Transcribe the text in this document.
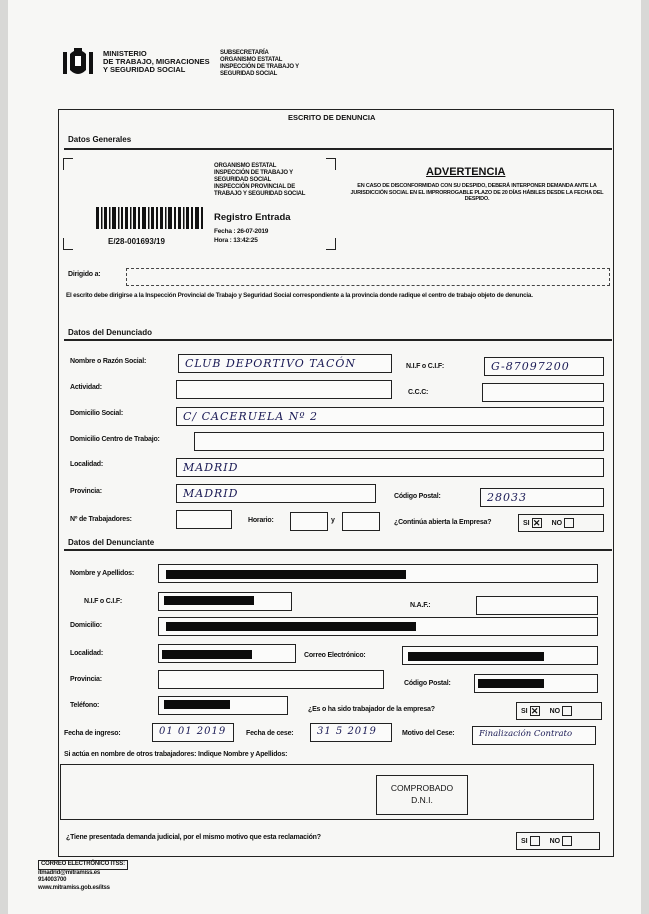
MINISTERIO
DE TRABAJO, MIGRACIONES
Y SEGURIDAD SOCIAL
SUBSECRETARÍA
ORGANISMO ESTATAL
INSPECCIÓN DE TRABAJO Y
SEGURIDAD SOCIAL
ESCRITO DE DENUNCIA
Datos Generales
ORGANISMO ESTATAL
INSPECCIÓN DE TRABAJO Y
SEGURIDAD SOCIAL
INSPECCIÓN PROVINCIAL DE
TRABAJO Y SEGURIDAD SOCIAL
E/28-001693/19
Registro Entrada
Fecha : 26-07-2019
Hora : 13:42:25
ADVERTENCIA
EN CASO DE DISCONFORMIDAD CON SU DESPIDO, DEBERÁ INTERPONER DEMANDA ANTE LA JURISDICCIÓN SOCIAL EN EL IMPRORROGABLE PLAZO DE 20 DÍAS HÁBILES DESDE LA FECHA DEL DESPIDO.
Dirigido a:
El escrito debe dirigirse a la Inspección Provincial de Trabajo y Seguridad Social correspondiente a la provincia donde radique el centro de trabajo objeto de denuncia.
Datos del Denunciado
Nombre o Razón Social:	CLUB DEPORTIVO TACÓN	N.I.F o C.I.F:	G-87097200
Actividad:
C.C.C:
Domicilio Social:	C/ CACERUELA Nº 2
Domicilio Centro de Trabajo:
Localidad:	MADRID
Provincia:	MADRID	Código Postal:	28033
Nº de Trabajadores:	Horario:	y	¿Continúa abierta la Empresa?	SI ✕ NO
Datos del Denunciante
Nombre y Apellidos:
N.I.F o C.I.F:
N.A.F.:
Domicilio:
Localidad:	Correo Electrónico:
Provincia:
Código Postal:
Teléfono:
¿Es o ha sido trabajador de la empresa?	SI ✕ NO
Fecha de ingreso:	01 01 2019	Fecha de cese:	31 5 2019	Motivo del Cese:	Finalización Contrato
Si actúa en nombre de otros trabajadores: Indique Nombre y Apellidos:
COMPROBADO
D.N.I.
¿Tiene presentada demanda judicial, por el mismo motivo que esta reclamación?
SI	NO
CORREO ELECTRÓNICO ITSS:
itmadrid@mitramiss.es
914003700
www.mitramiss.gob.es/itss
